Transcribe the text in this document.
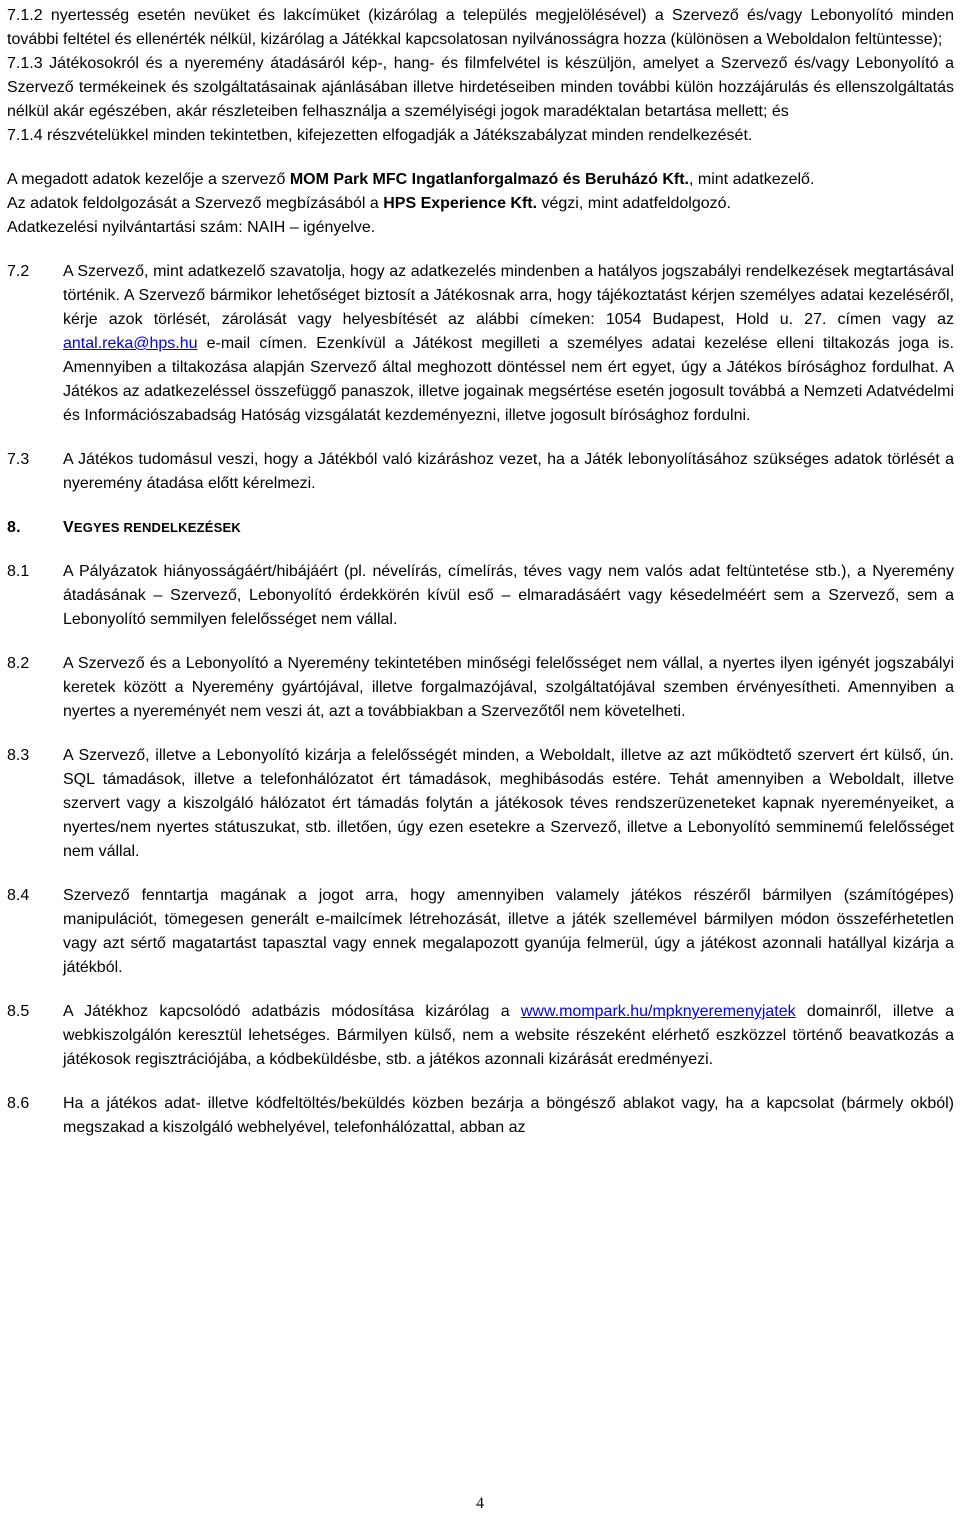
7.1.2 nyertesség esetén nevüket és lakcímüket (kizárólag a település megjelölésével) a Szervező és/vagy Lebonyolító minden további feltétel és ellenérték nélkül, kizárólag a Játékkal kapcsolatosan nyilvánosságra hozza (különösen a Weboldalon feltüntesse);

7.1.3 Játékosokról és a nyeremény átadásáról kép-, hang- és filmfelvétel is készüljön, amelyet a Szervező és/vagy Lebonyolító a Szervező termékeinek és szolgáltatásainak ajánlásában illetve hirdetéseiben minden további külön hozzájárulás és ellenszolgáltatás nélkül akár egészében, akár részleteiben felhasználja a személyiségi jogok maradéktalan betartása mellett; és

7.1.4 részvételükkel minden tekintetben, kifejezetten elfogadják a Játékszabályzat minden rendelkezését.

A megadott adatok kezelője a szervező MOM Park MFC Ingatlanforgalmazó és Beruházó Kft., mint adatkezelő.

Az adatok feldolgozását a Szervező megbízásából a HPS Experience Kft. végzi, mint adatfeldolgozó.

Adatkezelési nyilvántartási szám: NAIH – igényelve.

7.2	A Szervező, mint adatkezelő szavatolja, hogy az adatkezelés mindenben a hatályos jogszabályi rendelkezések megtartásával történik. A Szervező bármikor lehetőséget biztosít a Játékosnak arra, hogy tájékoztatást kérjen személyes adatai kezeléséről, kérje azok törlését, zárolását vagy helyesbítését az alábbi címeken: 1054 Budapest, Hold u. 27. címen vagy az antal.reka@hps.hu e-mail címen. Ezenkívül a Játékost megilleti a személyes adatai kezelése elleni tiltakozás joga is. Amennyiben a tiltakozása alapján Szervező által meghozott döntéssel nem ért egyet, úgy a Játékos bírósághoz fordulhat. A Játékos az adatkezeléssel összefüggő panaszok, illetve jogainak megsértése esetén jogosult továbbá a Nemzeti Adatvédelmi és Információszabadság Hatóság vizsgálatát kezdeményezni, illetve jogosult bírósághoz fordulni.
7.3	A Játékos tudomásul veszi, hogy a Játékból való kizáráshoz vezet, ha a Játék lebonyolításához szükséges adatok törlését a nyeremény átadása előtt kérelmezi.
8.	VEGYES RENDELKEZÉSEK
8.1	A Pályázatok hiányosságáért/hibájáért (pl. névelírás, címelírás, téves vagy nem valós adat feltüntetése stb.), a Nyeremény átadásának – Szervező, Lebonyolító érdekkörén kívül eső – elmaradásáért vagy késedelméért sem a Szervező, sem a Lebonyolító semmilyen felelősséget nem vállal.
8.2	A Szervező és a Lebonyolító a Nyeremény tekintetében minőségi felelősséget nem vállal, a nyertes ilyen igényét jogszabályi keretek között a Nyeremény gyártójával, illetve forgalmazójával, szolgáltatójával szemben érvényesítheti. Amennyiben a nyertes a nyereményét nem veszi át, azt a továbbiakban a Szervezőtől nem követelheti.
8.3	A Szervező, illetve a Lebonyolító kizárja a felelősségét minden, a Weboldalt, illetve az azt működtető szervert ért külső, ún. SQL támadások, illetve a telefonhálózatot ért támadások, meghibásodás estére. Tehát amennyiben a Weboldalt, illetve szervert vagy a kiszolgáló hálózatot ért támadás folytán a játékosok téves rendszerüzeneteket kapnak nyereményeiket, a nyertes/nem nyertes státuszukat, stb. illetően, úgy ezen esetekre a Szervező, illetve a Lebonyolító semminemű felelősséget nem vállal.
8.4	Szervező fenntartja magának a jogot arra, hogy amennyiben valamely játékos részéről bármilyen (számítógépes) manipulációt, tömegesen generált e-mailcímek létrehozását, illetve a játék szellemével bármilyen módon összeférhetetlen vagy azt sértő magatartást tapasztal vagy ennek megalapozott gyanúja felmerül, úgy a játékost azonnali hatállyal kizárja a játékból.
8.5	A Játékhoz kapcsolódó adatbázis módosítása kizárólag a www.mompark.hu/mpknyeremenyjatek domainről, illetve a webkiszolgálón keresztül lehetséges. Bármilyen külső, nem a website részeként elérhető eszközzel történő beavatkozás a játékosok regisztrációjába, a kódbeküldésbe, stb. a játékos azonnali kizárását eredményezi.
8.6	Ha a játékos adat- illetve kódfeltöltés/beküldés közben bezárja a böngésző ablakot vagy, ha a kapcsolat (bármely okból) megszakad a kiszolgáló webhelyével, telefonhálózattal, abban az
4
